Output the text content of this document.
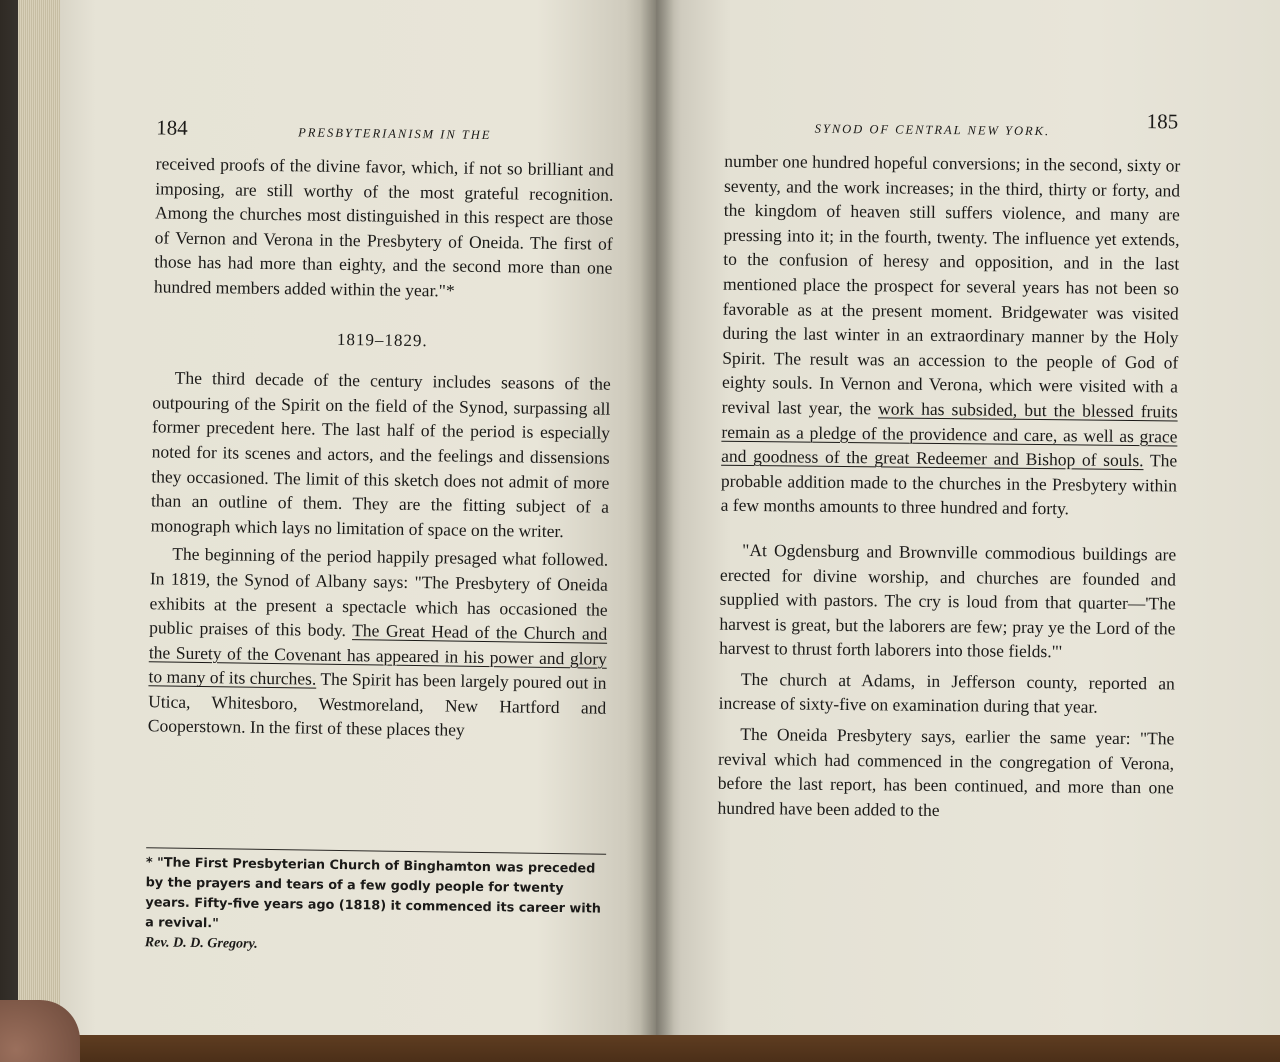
184	PRESBYTERIANISM IN THE

received proofs of the divine favor, which, if not so brilliant and imposing, are still worthy of the most grateful recognition. Among the churches most distinguished in this respect are those of Vernon and Verona in the Presbytery of Oneida. The first of those has had more than eighty, and the second more than one hundred members added within the year."*

1819–1829.

The third decade of the century includes seasons of the outpouring of the Spirit on the field of the Synod, surpassing all former precedent here. The last half of the period is especially noted for its scenes and actors, and the feelings and dissensions they occasioned. The limit of this sketch does not admit of more than an outline of them. They are the fitting subject of a monograph which lays no limitation of space on the writer.

The beginning of the period happily presaged what followed. In 1819, the Synod of Albany says: "The Presbytery of Oneida exhibits at the present a spectacle which has occasioned the public praises of this body. The Great Head of the Church and the Surety of the Covenant has appeared in his power and glory to many of its churches. The Spirit has been largely poured out in Utica, Whitesboro, Westmoreland, New Hartford and Cooperstown. In the first of these places they

* "The First Presbyterian Church of Binghamton was preceded by the prayers and tears of a few godly people for twenty years. Fifty-five years ago (1818) it commenced its career with a revival."
Rev. D. D. Gregory.
SYNOD OF CENTRAL NEW YORK.	185

number one hundred hopeful conversions; in the second, sixty or seventy, and the work increases; in the third, thirty or forty, and the kingdom of heaven still suffers violence, and many are pressing into it; in the fourth, twenty. The influence yet extends, to the confusion of heresy and opposition, and in the last mentioned place the prospect for several years has not been so favorable as at the present moment. Bridgewater was visited during the last winter in an extraordinary manner by the Holy Spirit. The result was an accession to the people of God of eighty souls. In Vernon and Verona, which were visited with a revival last year, the work has subsided, but the blessed fruits remain as a pledge of the providence and care, as well as grace and goodness of the great Redeemer and Bishop of souls. The probable addition made to the churches in the Presbytery within a few months amounts to three hundred and forty.

"At Ogdensburg and Brownville commodious buildings are erected for divine worship, and churches are founded and supplied with pastors. The cry is loud from that quarter—'The harvest is great, but the laborers are few; pray ye the Lord of the harvest to thrust forth laborers into those fields."'

The church at Adams, in Jefferson county, reported an increase of sixty-five on examination during that year.

The Oneida Presbytery says, earlier the same year: "The revival which had commenced in the congregation of Verona, before the last report, has been continued, and more than one hundred have been added to the
